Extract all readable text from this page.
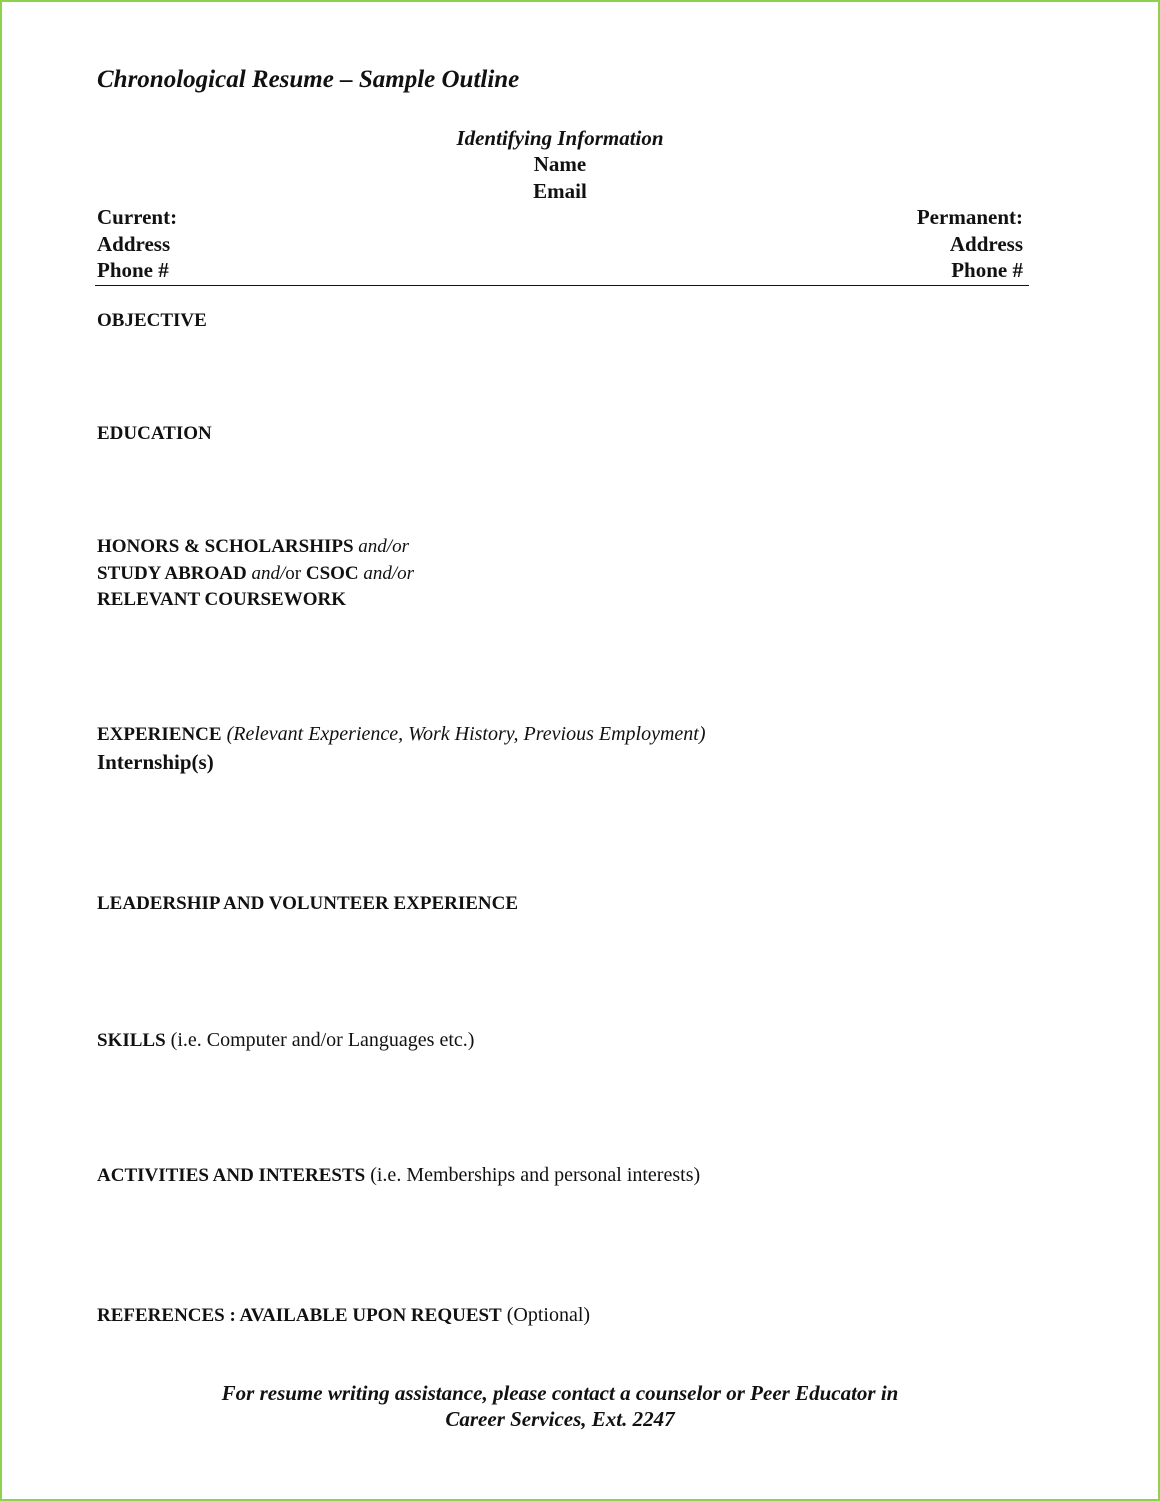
Chronological Resume – Sample Outline
Identifying Information
Name
Email
Current:
Address
Phone #
Permanent:
Address
Phone #
OBJECTIVE
EDUCATION
HONORS & SCHOLARSHIPS and/or
STUDY ABROAD and/or CSOC and/or
RELEVANT COURSEWORK
EXPERIENCE (Relevant Experience, Work History, Previous Employment)
Internship(s)
LEADERSHIP AND VOLUNTEER EXPERIENCE
SKILLS (i.e. Computer and/or Languages etc.)
ACTIVITIES AND INTERESTS (i.e. Memberships and personal interests)
REFERENCES : AVAILABLE UPON REQUEST (Optional)
For resume writing assistance, please contact a counselor or Peer Educator in
Career Services, Ext. 2247
